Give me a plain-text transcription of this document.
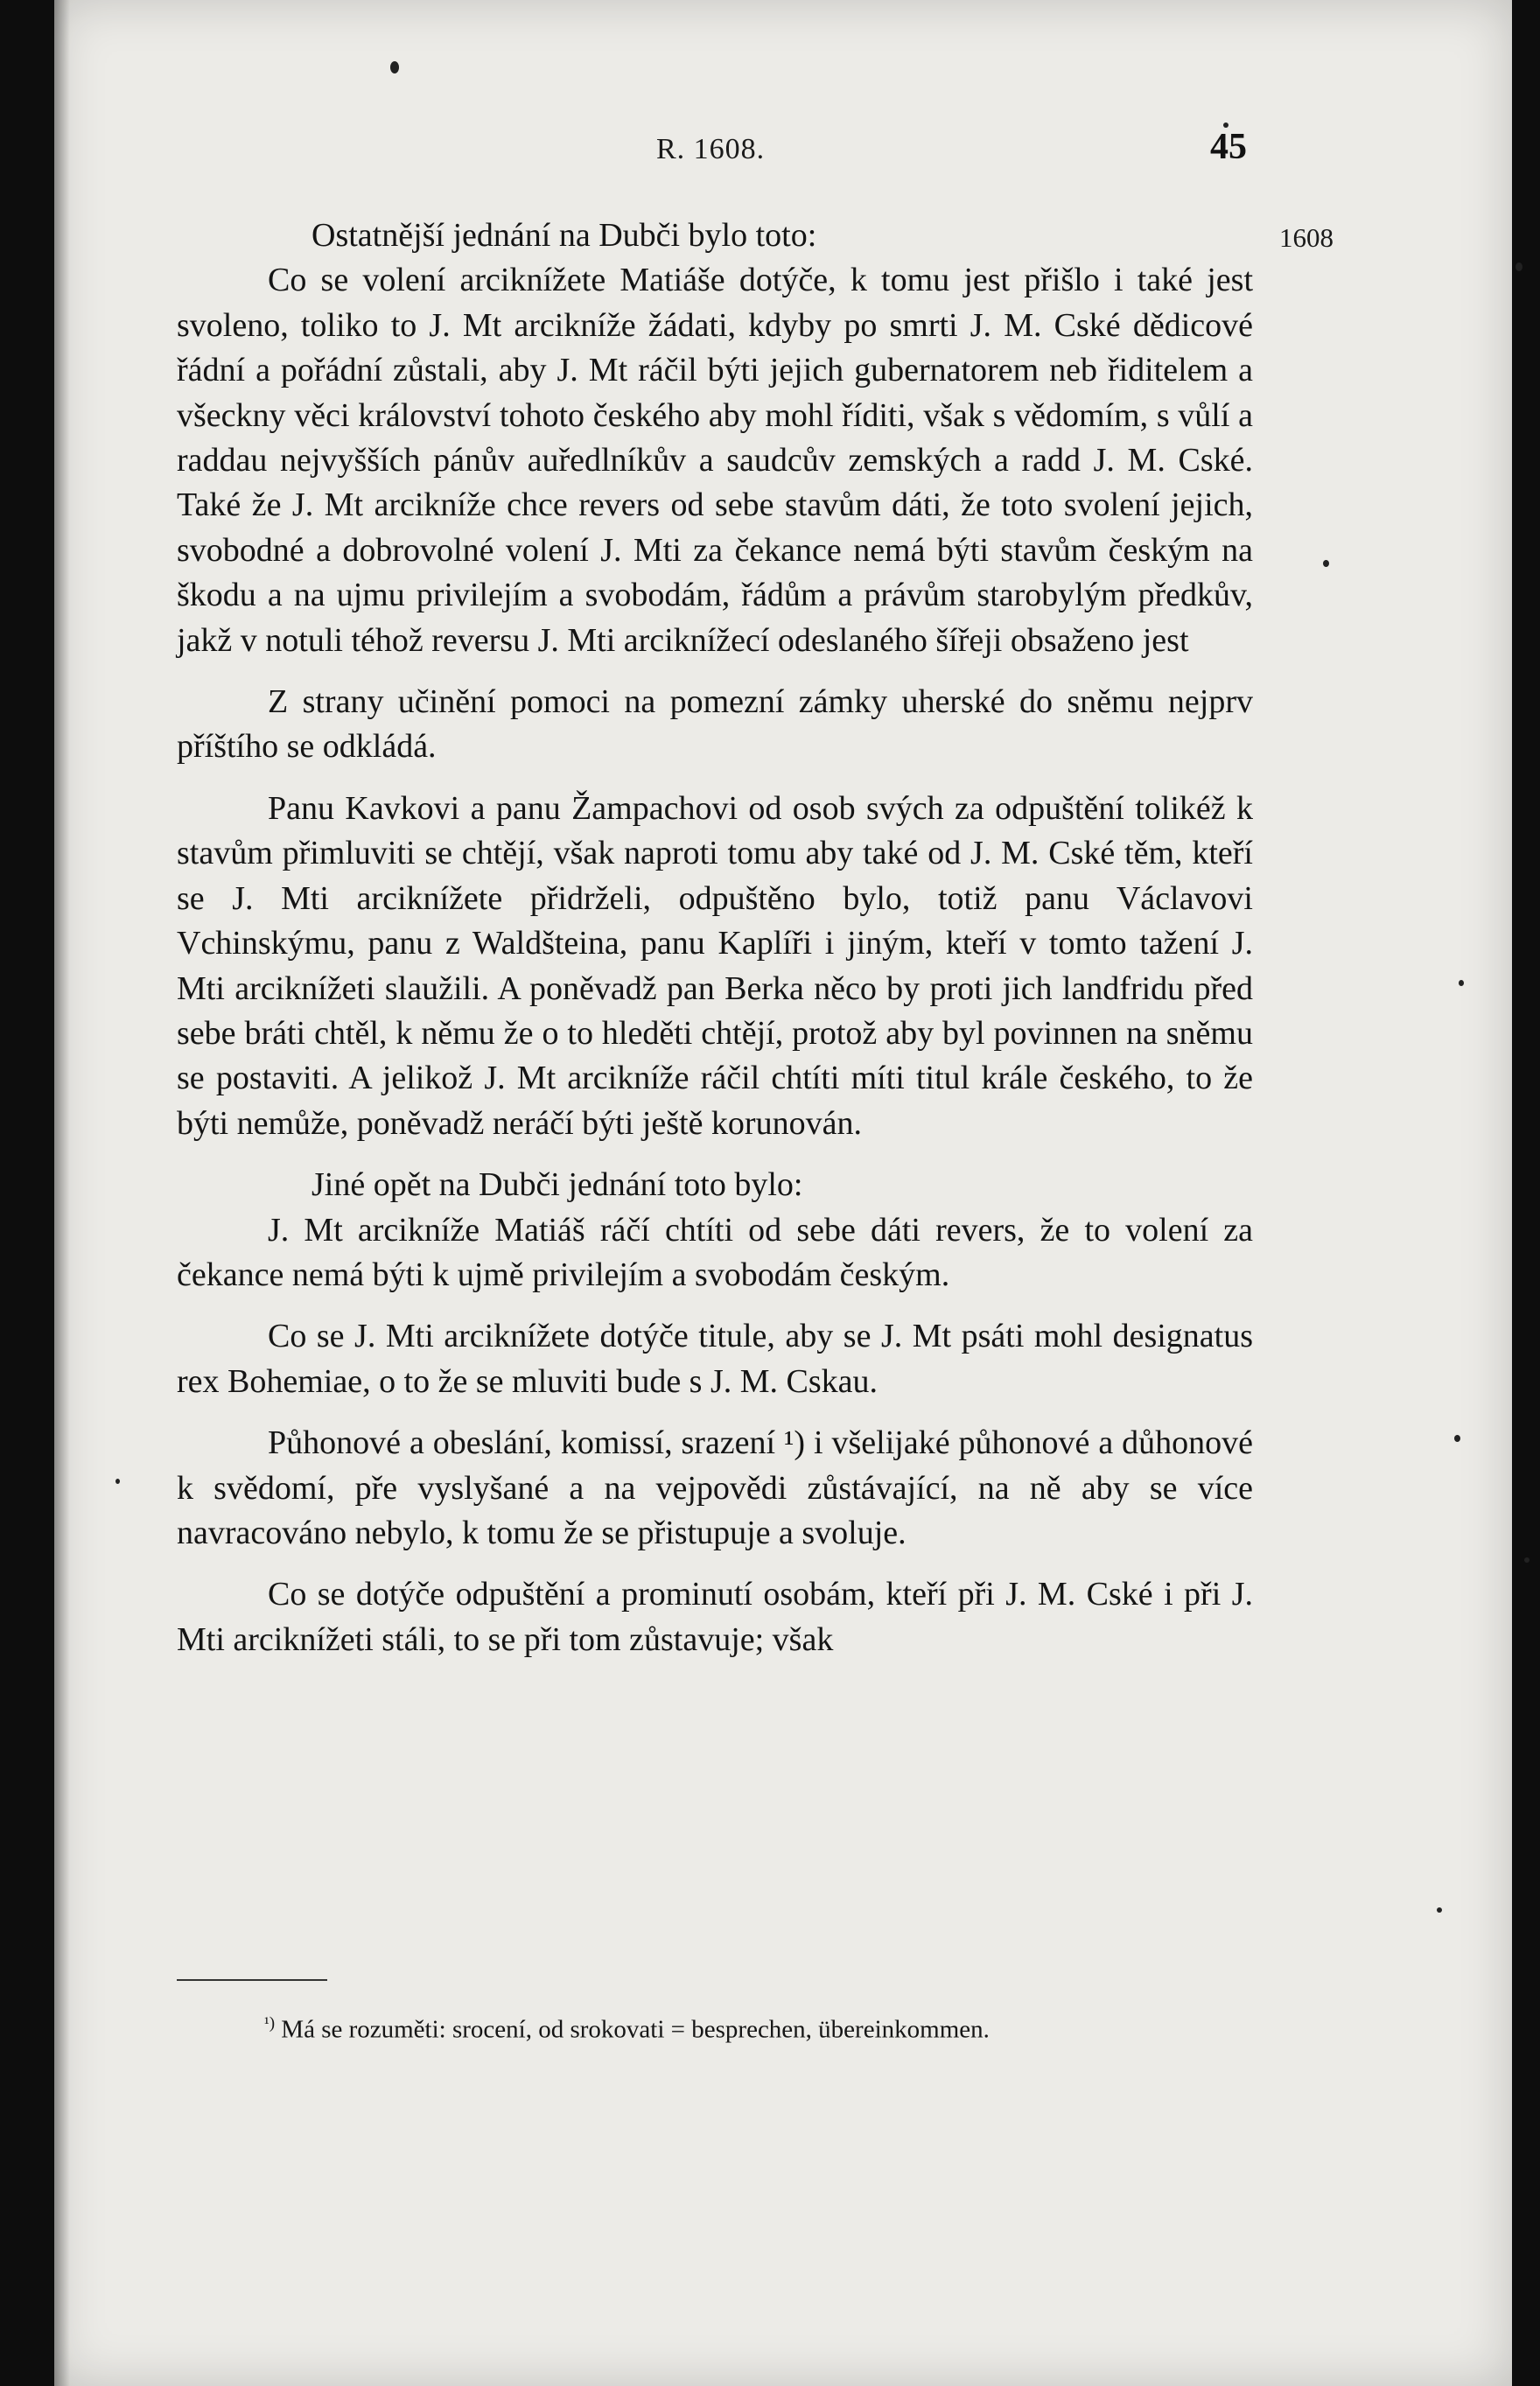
R. 1608.	45
1608

Ostatnější jednání na Dubči bylo toto:

Co se volení arciknížete Matiáše dotýče, k tomu jest přišlo i také jest svoleno, toliko to J. Mt arcikníže žádati, kdyby po smrti J. M. Cské dědicové řádní a pořádní zůstali, aby J. Mt ráčil býti jejich gubernatorem neb řiditelem a všeckny věci království tohoto českého aby mohl říditi, však s vědomím, s vůlí a raddau nejvyšších pánův auředlníkův a saudcův zemských a radd J. M. Cské. Také že J. Mt arcikníže chce revers od sebe stavům dáti, že toto svolení jejich, svobodné a dobrovolné volení J. Mti za čekance nemá býti stavům českým na škodu a na ujmu privilejím a svobodám, řádům a právům starobylým předkův, jakž v notuli téhož reversu J. Mti arciknížecí odeslaného šířeji obsaženo jest

Z strany učinění pomoci na pomezní zámky uherské do sněmu nejprv příštího se odkládá.

Panu Kavkovi a panu Žampachovi od osob svých za odpuštění tolikéž k stavům přimluviti se chtějí, však naproti tomu aby také od J. M. Cské těm, kteří se J. Mti arciknížete přidrželi, odpuštěno bylo, totiž panu Václavovi Vchinskýmu, panu z Waldšteina, panu Kaplíři i jiným, kteří v tomto tažení J. Mti arciknížeti slaužili. A poněvadž pan Berka něco by proti jich landfridu před sebe bráti chtěl, k němu že o to hleděti chtějí, protož aby byl povinnen na sněmu se postaviti. A jelikož J. Mt arcikníže ráčil chtíti míti titul krále českého, to že býti nemůže, poněvadž neráčí býti ještě korunován.

Jiné opět na Dubči jednání toto bylo:

J. Mt arcikníže Matiáš ráčí chtíti od sebe dáti revers, že to volení za čekance nemá býti k ujmě privilejím a svobodám českým.

Co se J. Mti arciknížete dotýče titule, aby se J. Mt psáti mohl designatus rex Bohemiae, o to že se mluviti bude s J. M. Cskau.

Půhonové a obeslání, komissí, srazení ¹) i všelijaké půhonové a důhonové k svědomí, pře vyslyšané a na vejpovědi zůstávající, na ně aby se více navracováno nebylo, k tomu že se přistupuje a svoluje.

Co se dotýče odpuštění a prominutí osobám, kteří při J. M. Cské i při J. Mti arciknížeti stáli, to se při tom zůstavuje; však

$^{^1)}$ Má se rozuměti: srocení, od srokovati = besprechen, übereinkommen.
